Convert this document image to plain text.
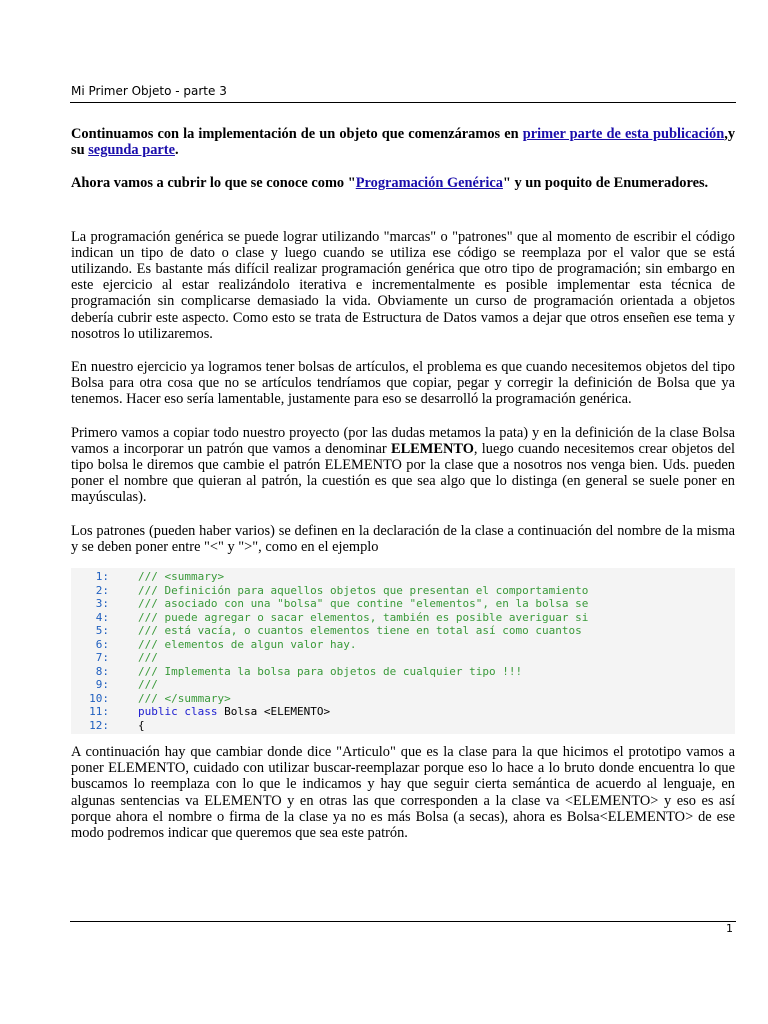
Mi Primer Objeto - parte 3

Continuamos con la implementación de un objeto que comenzáramos en primer parte de esta publicación,y su segunda parte.

Ahora vamos a cubrir lo que se conoce como "Programación Genérica" y un poquito de Enumeradores.

La programación genérica se puede lograr utilizando "marcas" o "patrones" que al momento de escribir el código indican un tipo de dato o clase y luego cuando se utiliza ese código se reemplaza por el valor que se está utilizando. Es bastante más difícil realizar programación genérica que otro tipo de programación; sin embargo en este ejercicio al estar realizándolo iterativa e incrementalmente es posible implementar esta técnica de programación sin complicarse demasiado la vida. Obviamente un curso de programación orientada a objetos debería cubrir este aspecto. Como esto se trata de Estructura de Datos vamos a dejar que otros enseñen ese tema y nosotros lo utilizaremos.

En nuestro ejercicio ya logramos tener bolsas de artículos, el problema es que cuando necesitemos objetos del tipo Bolsa para otra cosa que no se artículos tendríamos que copiar, pegar y corregir la definición de Bolsa que ya tenemos. Hacer eso sería lamentable, justamente para eso se desarrolló la programación genérica.

Primero vamos a copiar todo nuestro proyecto (por las dudas metamos la pata) y en la definición de la clase Bolsa vamos a incorporar un patrón que vamos a denominar ELEMENTO, luego cuando necesitemos crear objetos del tipo bolsa le diremos que cambie el patrón ELEMENTO por la clase que a nosotros nos venga bien. Uds. pueden poner el nombre que quieran al patrón, la cuestión es que sea algo que lo distinga (en general se suele poner en mayúsculas).

Los patrones (pueden haber varios) se definen en la declaración de la clase a continuación del nombre de la misma y se deben poner entre "<" y ">", como en el ejemplo

1:	/// <summary>
2:	/// Definición para aquellos objetos que presentan el comportamiento
3:	/// asociado con una "bolsa" que contine "elementos", en la bolsa se
4:	/// puede agregar o sacar elementos, también es posible averiguar si
5:	/// está vacía, o cuantos elementos tiene en total así como cuantos
6:	/// elementos de algun valor hay.
7:	///
8:	/// Implementa la bolsa para objetos de cualquier tipo !!!
9:	///
10:	/// </summary>
11:	public class Bolsa <ELEMENTO>
12:	{

A continuación hay que cambiar donde dice "Articulo" que es la clase para la que hicimos el prototipo vamos a poner ELEMENTO, cuidado con utilizar buscar-reemplazar porque eso lo hace a lo bruto donde encuentra lo que buscamos lo reemplaza con lo que le indicamos y hay que seguir cierta semántica de acuerdo al lenguaje, en algunas sentencias va ELEMENTO y en otras las que corresponden a la clase va <ELEMENTO> y eso es así porque ahora el nombre o firma de la clase ya no es más Bolsa (a secas), ahora es Bolsa<ELEMENTO> de ese modo podremos indicar que queremos que sea este patrón.

1
